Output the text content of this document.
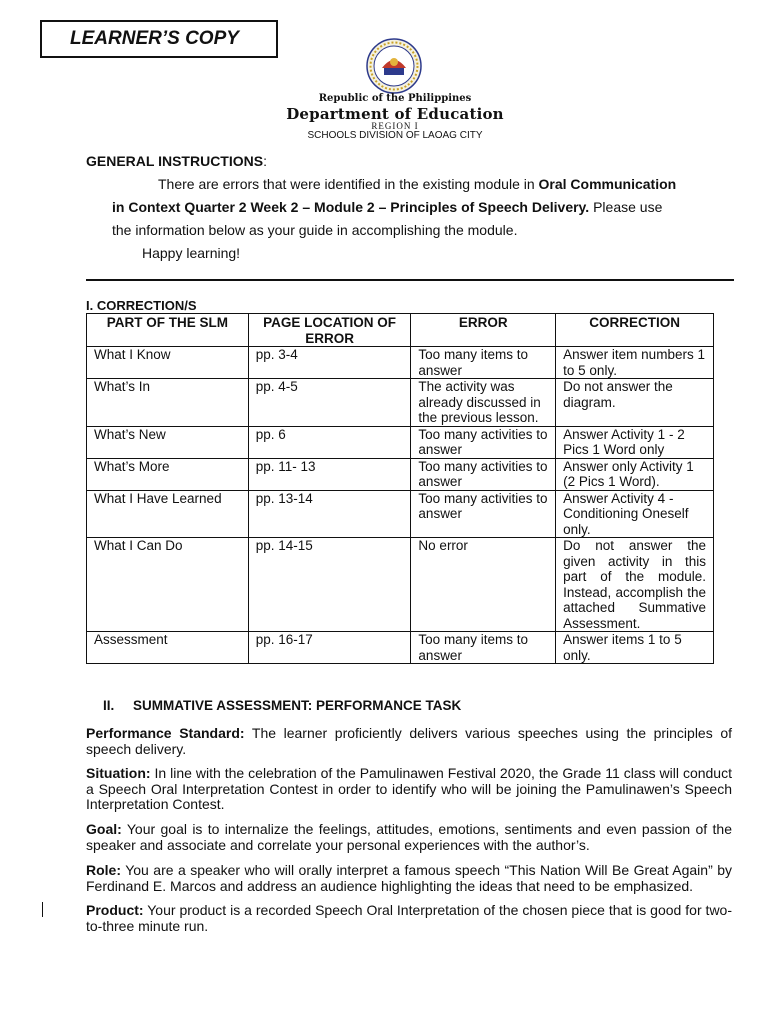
LEARNER’S COPY
Republic of the Philippines
Department of Education
REGION I
SCHOOLS DIVISION OF LAOAG CITY
GENERAL INSTRUCTIONS:
There are errors that were identified in the existing module in Oral Communication
in Context Quarter 2 Week 2 – Module 2 – Principles of Speech Delivery. Please use
the information below as your guide in accomplishing the module.
Happy learning!
I. CORRECTION/S
PART OF THE SLM	PAGE LOCATION OF ERROR	ERROR	CORRECTION
What I Know	pp. 3-4	Too many items to answer	Answer item numbers 1 to 5 only.
What’s In	pp. 4-5	The activity was already discussed in the previous lesson.	Do not answer the diagram.
What’s New	pp. 6	Too many activities to answer	Answer Activity 1 - 2 Pics 1 Word only
What’s More	pp. 11- 13	Too many activities to answer	Answer only Activity 1 (2 Pics 1 Word).
What I Have Learned	pp. 13-14	Too many activities to answer	Answer Activity 4 - Conditioning Oneself only.
What I Can Do	pp. 14-15	No error	Do not answer the given activity in this part of the module. Instead, accomplish the attached Summative Assessment.
Assessment	pp. 16-17	Too many items to answer	Answer items 1 to 5 only.
II.     SUMMATIVE ASSESSMENT: PERFORMANCE TASK
Performance Standard: The learner proficiently delivers various speeches using the principles of speech delivery.
Situation: In line with the celebration of the Pamulinawen Festival 2020, the Grade 11 class will conduct a Speech Oral Interpretation Contest in order to identify who will be joining the Pamulinawen’s Speech Interpretation Contest.
Goal: Your goal is to internalize the feelings, attitudes, emotions, sentiments and even passion of the speaker and associate and correlate your personal experiences with the author’s.
Role: You are a speaker who will orally interpret a famous speech “This Nation Will Be Great Again” by Ferdinand E. Marcos and address an audience highlighting the ideas that need to be emphasized.
Product: Your product is a recorded Speech Oral Interpretation of the chosen piece that is good for two-to-three minute run.
